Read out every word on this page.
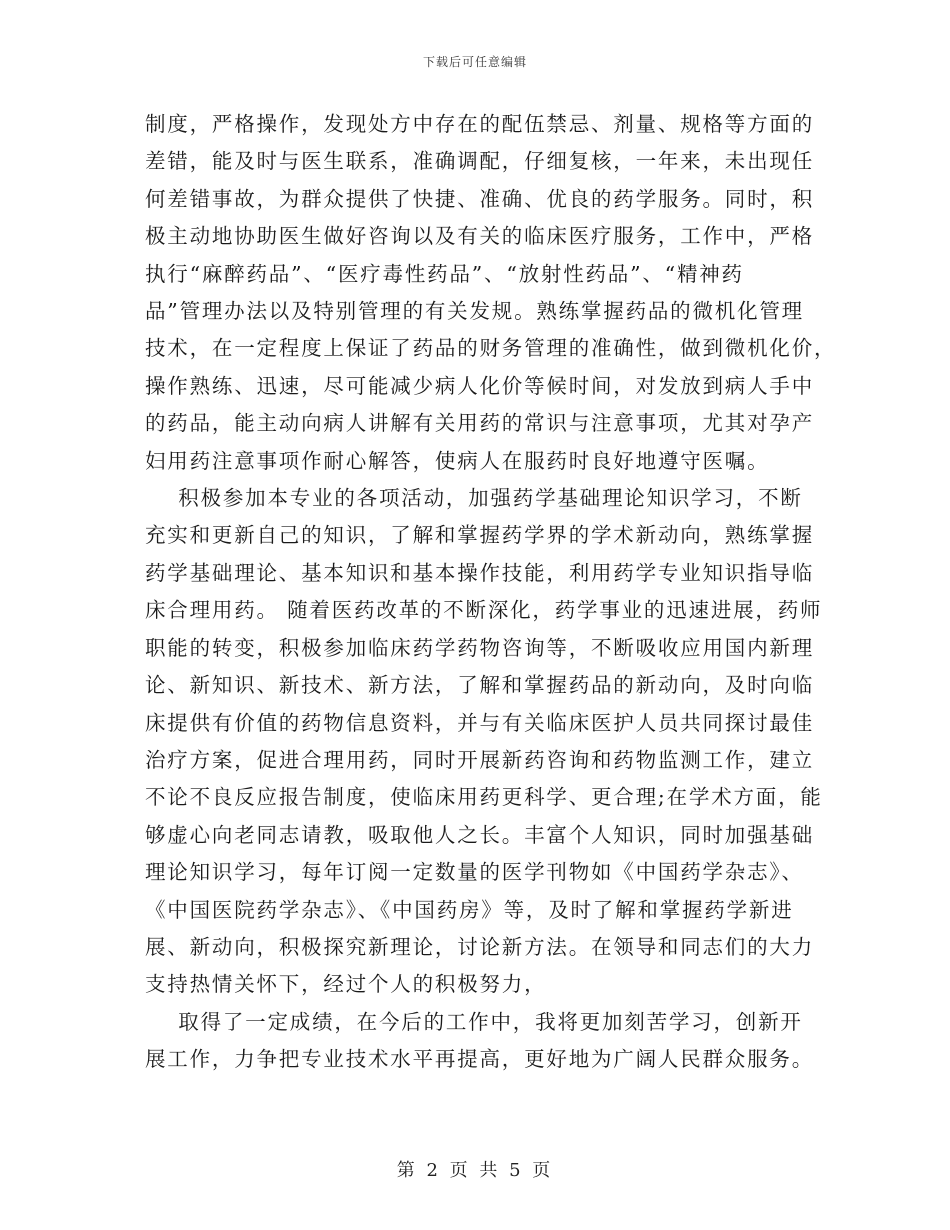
下载后可任意编辑

制度，严格操作，发现处方中存在的配伍禁忌、剂量、规格等方面的

差错，能及时与医生联系，准确调配，仔细复核，一年来，未出现任

何差错事故，为群众提供了快捷、准确、优良的药学服务。同时，积

极主动地协助医生做好咨询以及有关的临床医疗服务，工作中，严格

执行“麻醉药品”、“医疗毒性药品”、“放射性药品”、“精神药

品”管理办法以及特别管理的有关发规。熟练掌握药品的微机化管理

技术，在一定程度上保证了药品的财务管理的准确性，做到微机化价，

操作熟练、迅速，尽可能减少病人化价等候时间，对发放到病人手中

的药品，能主动向病人讲解有关用药的常识与注意事项，尤其对孕产

妇用药注意事项作耐心解答，使病人在服药时良好地遵守医嘱。

积极参加本专业的各项活动，加强药学基础理论知识学习，不断

充实和更新自己的知识，了解和掌握药学界的学术新动向，熟练掌握

药学基础理论、基本知识和基本操作技能，利用药学专业知识指导临

床合理用药。 随着医药改革的不断深化，药学事业的迅速进展，药师

职能的转变，积极参加临床药学药物咨询等，不断吸收应用国内新理

论、新知识、新技术、新方法，了解和掌握药品的新动向，及时向临

床提供有价值的药物信息资料，并与有关临床医护人员共同探讨最佳

治疗方案，促进合理用药，同时开展新药咨询和药物监测工作，建立

不论不良反应报告制度，使临床用药更科学、更合理;在学术方面，能

够虚心向老同志请教，吸取他人之长。丰富个人知识，同时加强基础

理论知识学习，每年订阅一定数量的医学刊物如《中国药学杂志》、

《中国医院药学杂志》、《中国药房》等，及时了解和掌握药学新进

展、新动向，积极探究新理论，讨论新方法。在领导和同志们的大力

支持热情关怀下，经过个人的积极努力，

取得了一定成绩，在今后的工作中，我将更加刻苦学习，创新开

展工作，力争把专业技术水平再提高，更好地为广阔人民群众服务。

第 2 页 共 5 页
